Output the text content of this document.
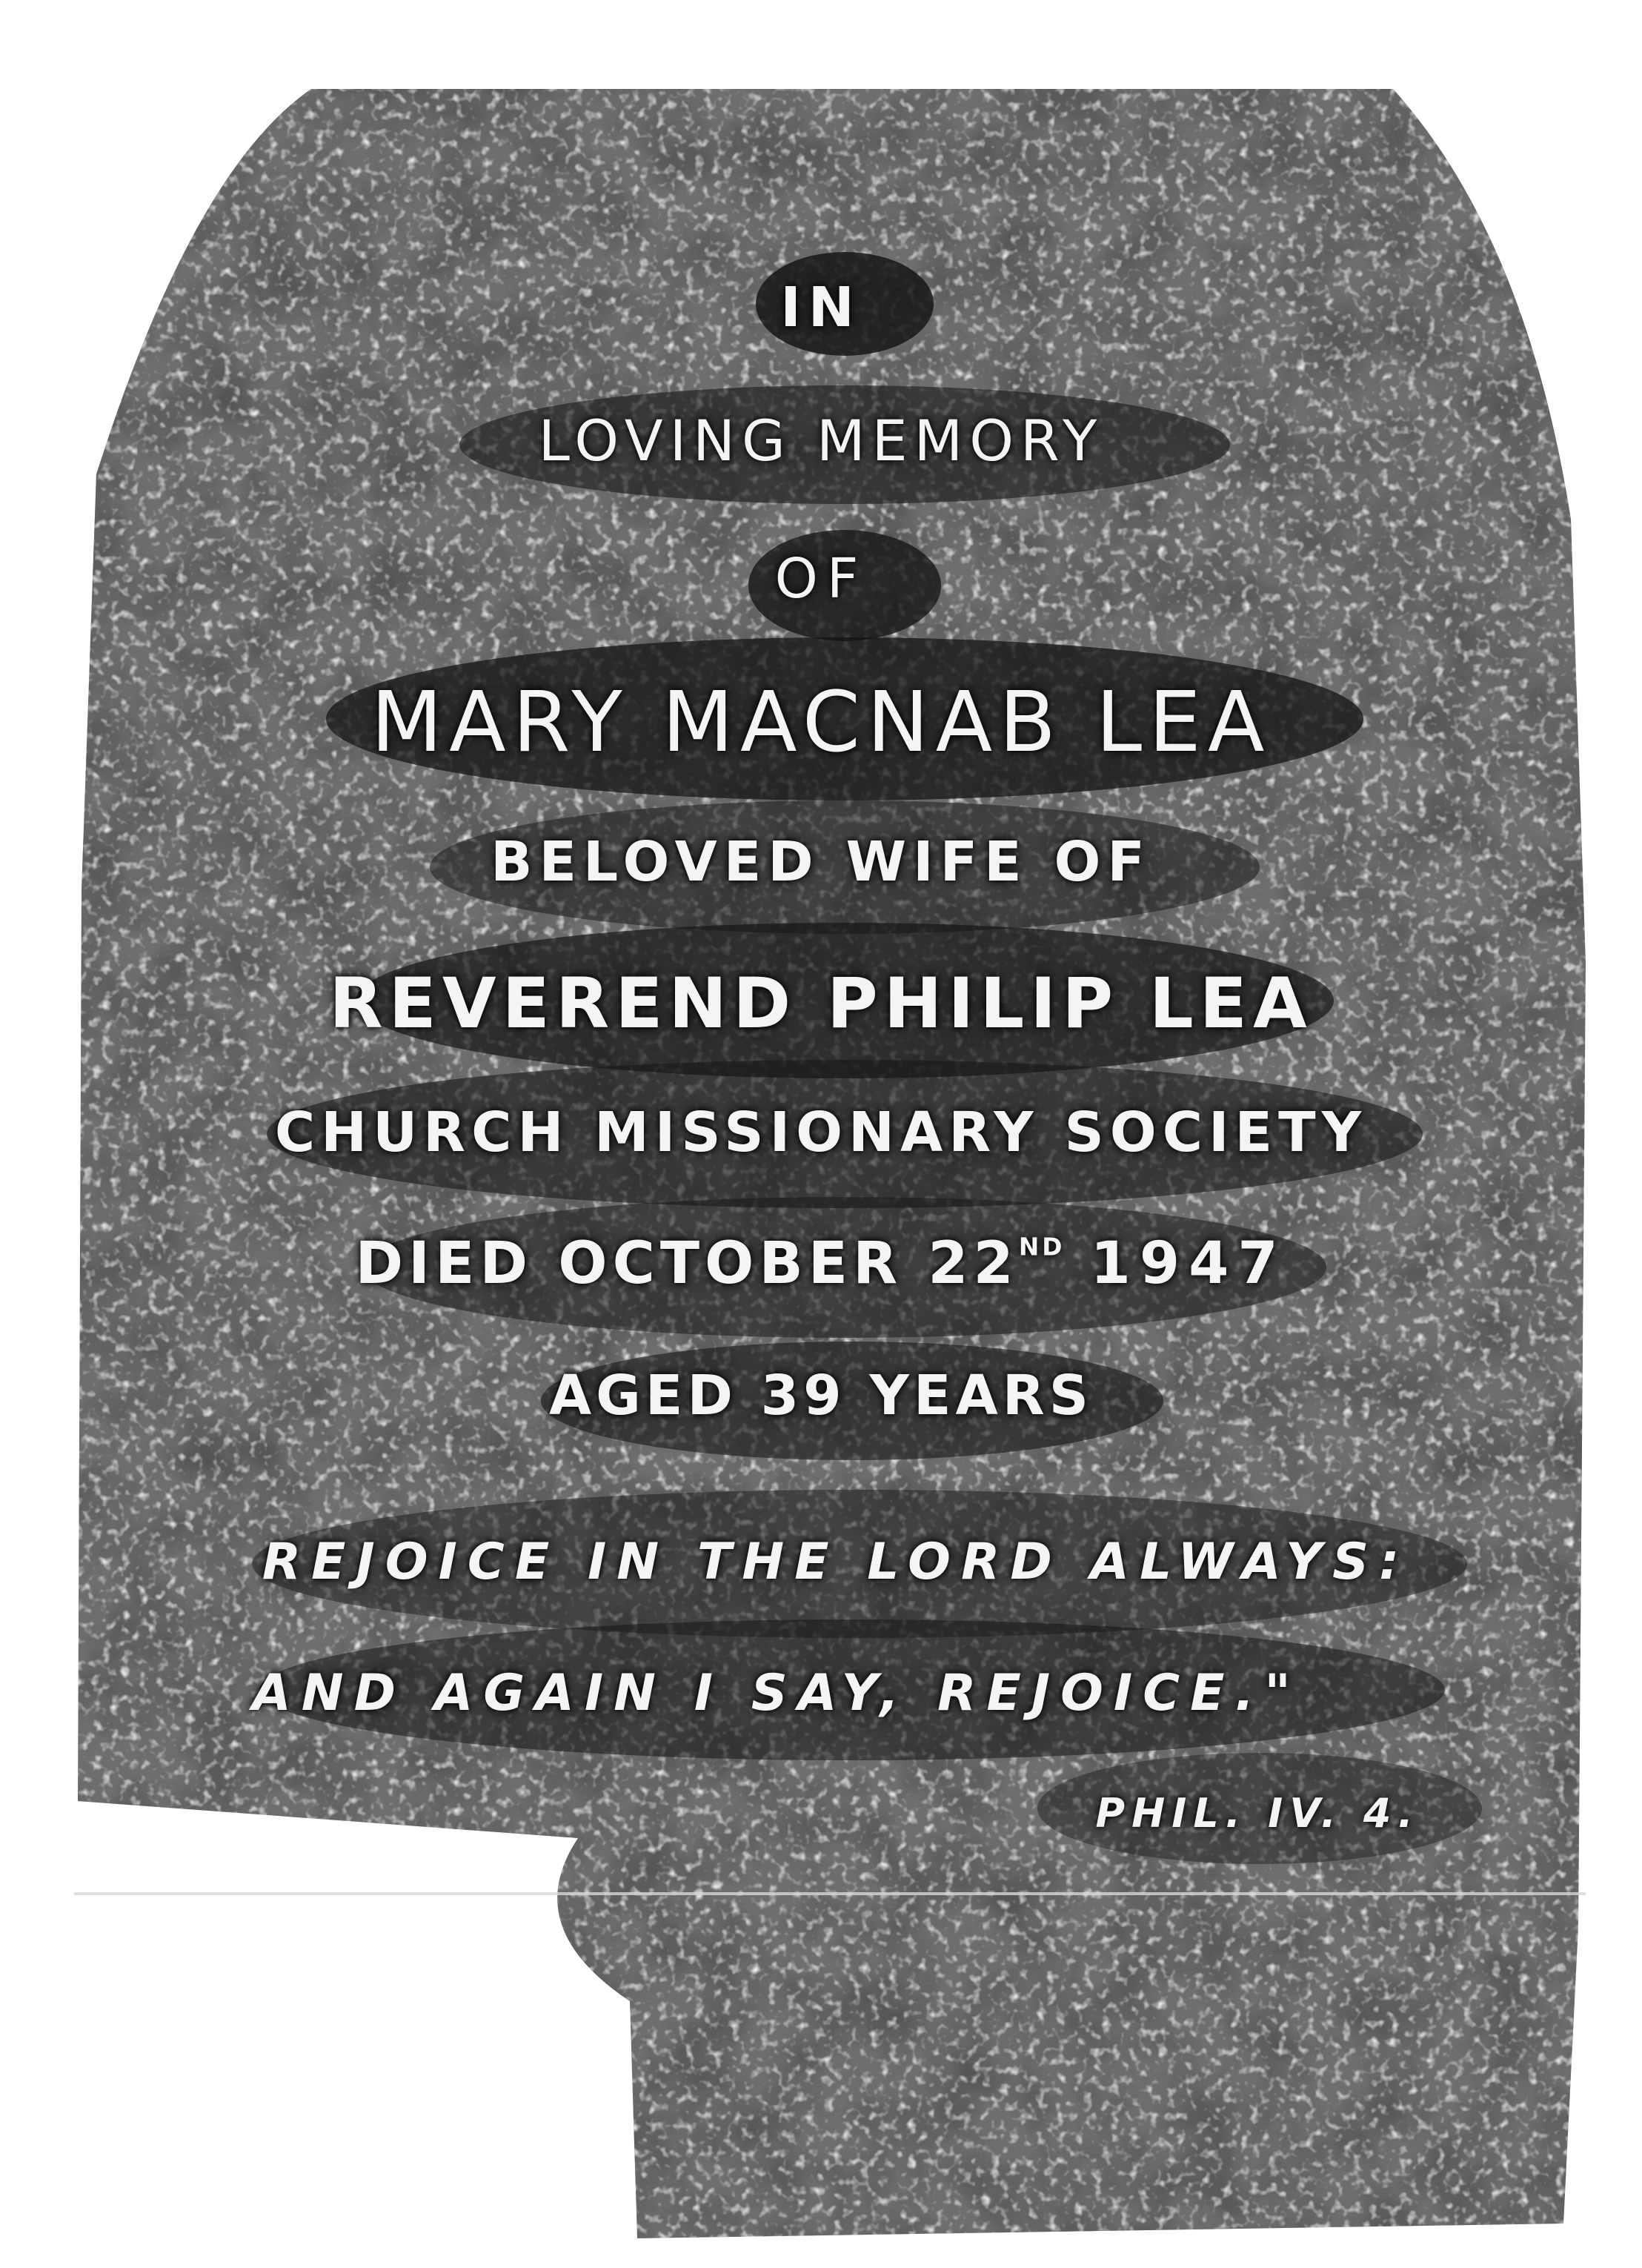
IN
LOVING MEMORY
OF
MARY MACNAB LEA
BELOVED WIFE OF
REVEREND PHILIP LEA
CHURCH MISSIONARY SOCIETY
DIED OCTOBER 22ND 1947
AGED 39 YEARS
REJOICE IN THE LORD ALWAYS:
AND AGAIN I SAY, REJOICE."
PHIL. IV. 4.
